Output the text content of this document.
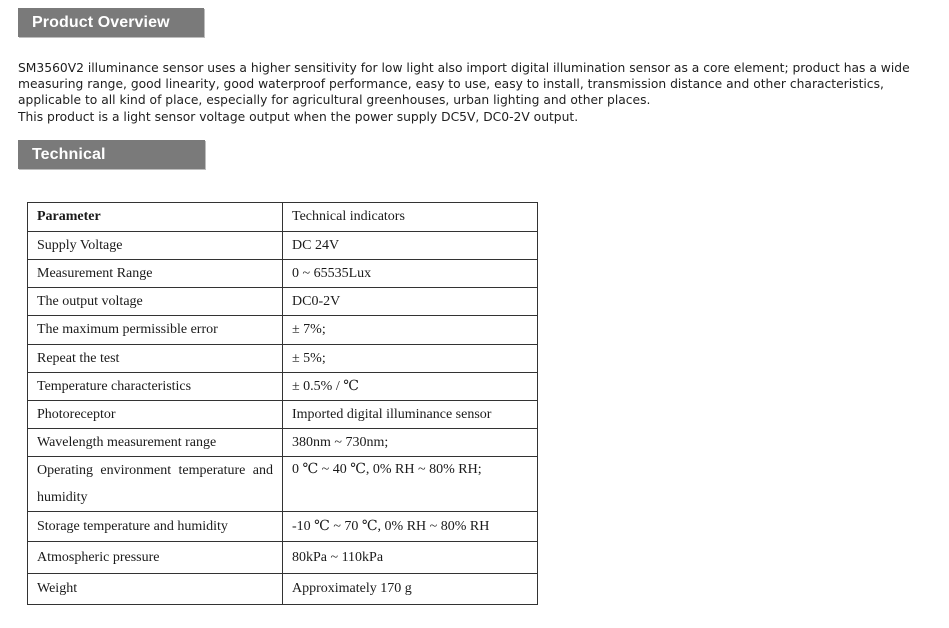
Product Overview

SM3560V2 illuminance sensor uses a higher sensitivity for low light also import digital illumination sensor as a core element; product has a wide measuring range, good linearity, good waterproof performance, easy to use, easy to install, transmission distance and other characteristics, applicable to all kind of place, especially for agricultural greenhouses, urban lighting and other places.

This product is a light sensor voltage output when the power supply DC5V, DC0-2V output.

Technical Parameters
Parameter	Technical indicators
Supply Voltage	DC 24V
Measurement Range	0 ~ 65535Lux
The output voltage	DC0-2V
The maximum permissible error	± 7%;
Repeat the test	± 5%;
Temperature characteristics	± 0.5% / ℃
Photoreceptor	Imported digital illuminance sensor
Wavelength measurement range	380nm ~ 730nm;
Operating environment temperature and humidity	0 ℃ ~ 40 ℃, 0% RH ~ 80% RH;
Storage temperature and humidity	-10 ℃ ~ 70 ℃, 0% RH ~ 80% RH
Atmospheric pressure	80kPa ~ 110kPa
Weight	Approximately 170 g
